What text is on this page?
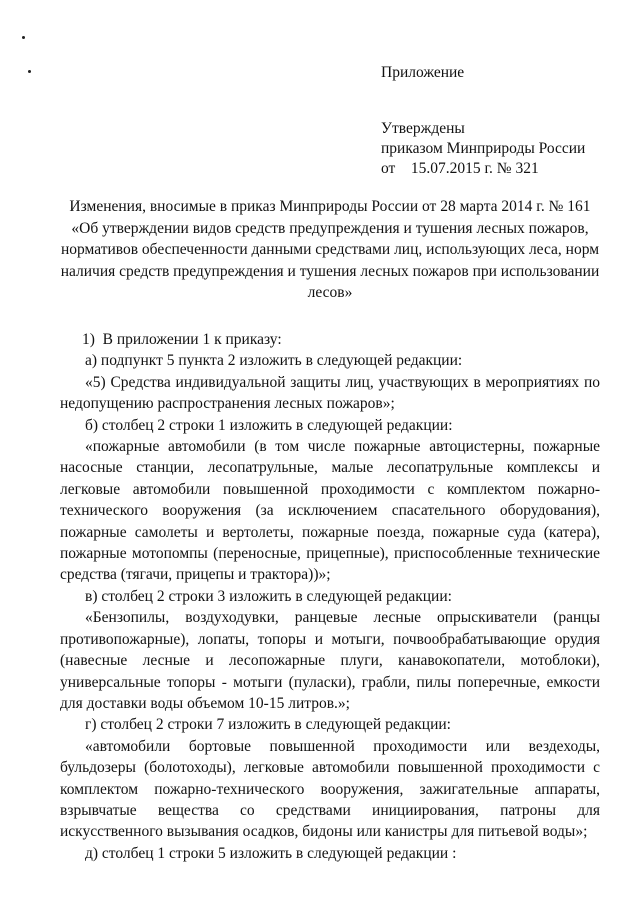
Приложение
Утверждены
приказом Минприроды России
от    15.07.2015 г. № 321
Изменения, вносимые в приказ Минприроды России от 28 марта 2014 г. № 161   «Об утверждении видов средств предупреждения и тушения лесных пожаров, нормативов обеспеченности данными средствами лиц, использующих леса, норм наличия средств предупреждения и тушения лесных пожаров при использовании лесов»

1)  В приложении 1 к приказу:

а) подпункт 5 пункта 2 изложить в следующей редакции:

«5) Средства индивидуальной защиты лиц, участвующих в мероприятиях по недопущению распространения лесных пожаров»;

б) столбец 2 строки 1 изложить в следующей редакции:

«пожарные автомобили (в том числе пожарные автоцистерны, пожарные насосные станции, лесопатрульные, малые лесопатрульные комплексы и легковые автомобили повышенной проходимости с комплектом пожарно-технического вооружения (за исключением спасательного оборудования), пожарные самолеты и вертолеты, пожарные поезда, пожарные суда (катера), пожарные мотопомпы (переносные, прицепные), приспособленные технические средства (тягачи, прицепы и трактора))»;

в) столбец 2 строки 3 изложить в следующей редакции:

«Бензопилы, воздуходувки, ранцевые лесные опрыскиватели (ранцы противопожарные), лопаты, топоры и мотыги, почвообрабатывающие орудия (навесные лесные и лесопожарные плуги, канавокопатели, мотоблоки), универсальные топоры - мотыги (пуласки), грабли, пилы поперечные, емкости для доставки воды объемом 10-15 литров.»;

г) столбец 2 строки 7 изложить в следующей редакции:

«автомобили бортовые повышенной проходимости или вездеходы, бульдозеры (болотоходы), легковые автомобили повышенной проходимости с комплектом пожарно-технического вооружения, зажигательные аппараты, взрывчатые вещества со средствами инициирования, патроны для искусственного вызывания осадков, бидоны или канистры для питьевой воды»;

д) столбец 1 строки 5 изложить в следующей редакции :
